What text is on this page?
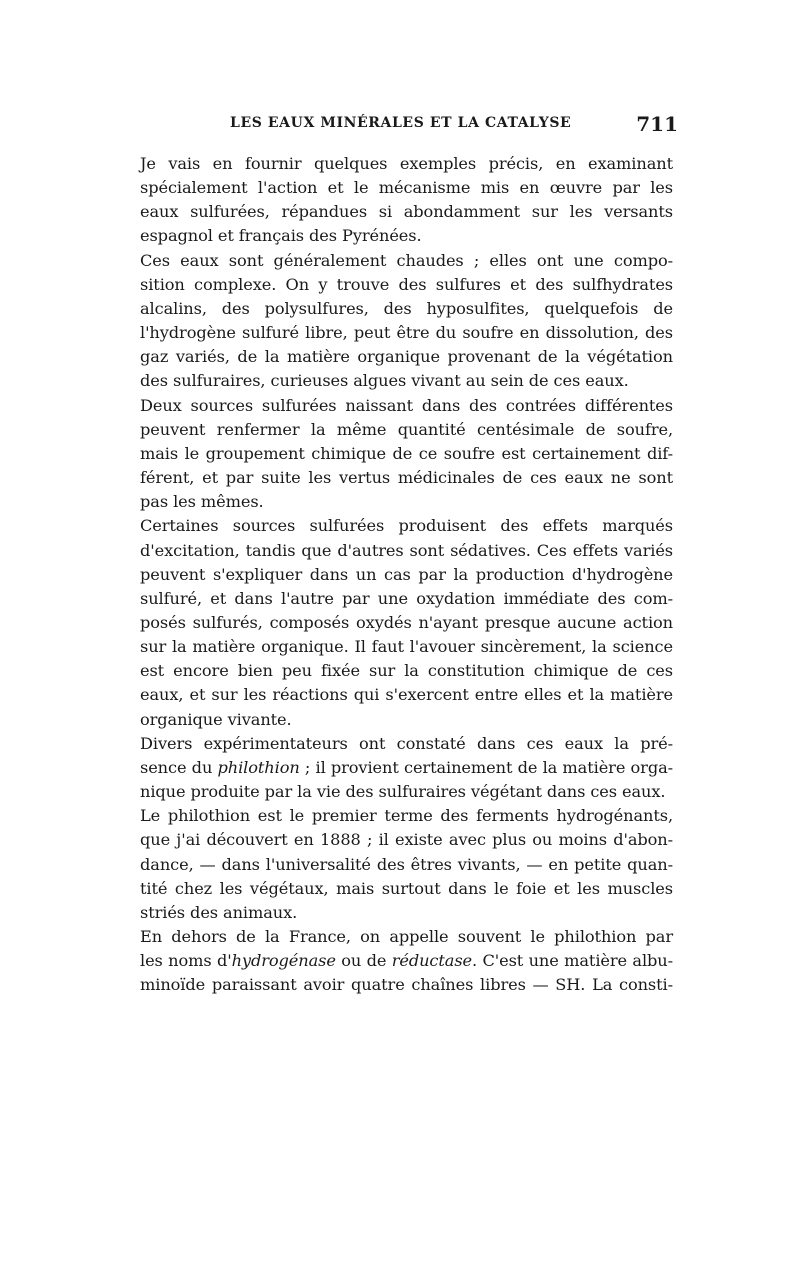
LES EAUX MINÉRALES ET LA CATALYSE	711

Je vais en fournir quelques exemples précis, en examinant
spécialement l'action et le mécanisme mis en œuvre par les
eaux sulfurées, répandues si abondamment sur les versants
espagnol et français des Pyrénées.

Ces eaux sont généralement chaudes ; elles ont une compo-
sition complexe. On y trouve des sulfures et des sulfhydrates
alcalins, des polysulfures, des hyposulfites, quelquefois de
l'hydrogène sulfuré libre, peut être du soufre en dissolution, des
gaz variés, de la matière organique provenant de la végétation
des sulfuraires, curieuses algues vivant au sein de ces eaux.

Deux sources sulfurées naissant dans des contrées différentes
peuvent renfermer la même quantité centésimale de soufre,
mais le groupement chimique de ce soufre est certainement dif-
férent, et par suite les vertus médicinales de ces eaux ne sont
pas les mêmes.

Certaines sources sulfurées produisent des effets marqués
d'excitation, tandis que d'autres sont sédatives. Ces effets variés
peuvent s'expliquer dans un cas par la production d'hydrogène
sulfuré, et dans l'autre par une oxydation immédiate des com-
posés sulfurés, composés oxydés n'ayant presque aucune action
sur la matière organique. Il faut l'avouer sincèrement, la science
est encore bien peu fixée sur la constitution chimique de ces
eaux, et sur les réactions qui s'exercent entre elles et la matière
organique vivante.

Divers expérimentateurs ont constaté dans ces eaux la pré-
sence du philothion ; il provient certainement de la matière orga-
nique produite par la vie des sulfuraires végétant dans ces eaux.

Le philothion est le premier terme des ferments hydrogénants,
que j'ai découvert en 1888 ; il existe avec plus ou moins d'abon-
dance, — dans l'universalité des êtres vivants, — en petite quan-
tité chez les végétaux, mais surtout dans le foie et les muscles
striés des animaux.

En dehors de la France, on appelle souvent le philothion par
les noms d'hydrogénase ou de réductase. C'est une matière albu-
minoïde paraissant avoir quatre chaînes libres — SH. La consti-
